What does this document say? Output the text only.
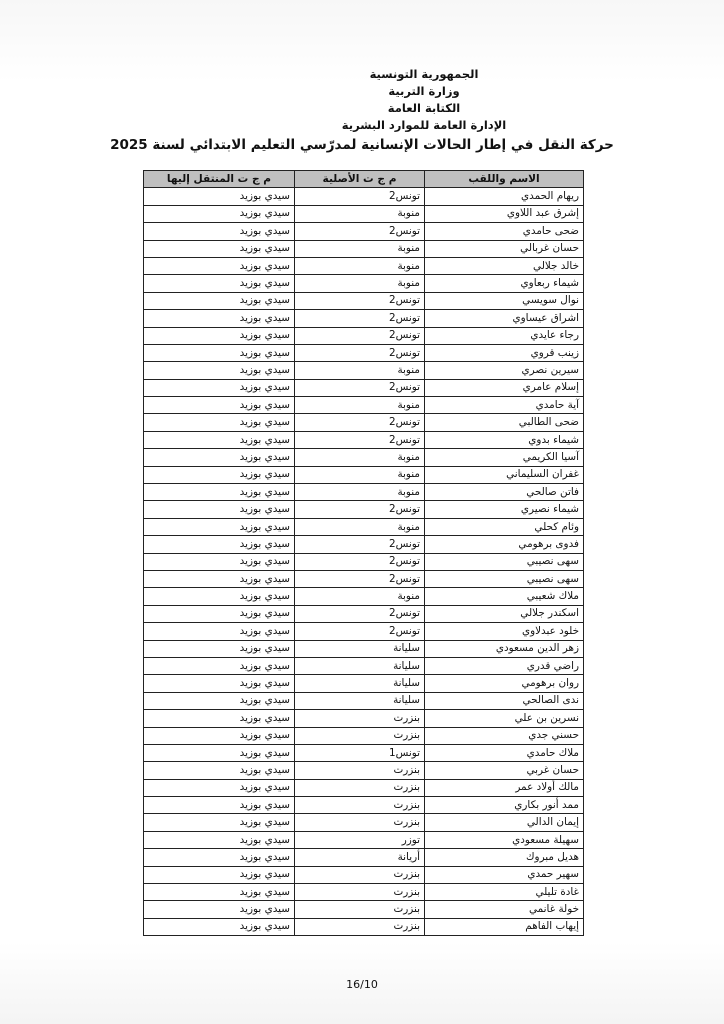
الجمهورية التونسية
وزارة التربية
الكتابة العامة
الإدارة العامة للموارد البشرية
حركة النقل في إطار الحالات الإنسانية لمدرّسي التعليم الابتدائي لسنة 2025
الاسم واللقب	م ج ت الأصلية	م ج ت المنتقل إليها
ريهام الحمدي	تونس2	سيدي بوزيد
إشرق عبد اللاوي	منوبة	سيدي بوزيد
ضحى حامدي	تونس2	سيدي بوزيد
حسان غربالي	منوبة	سيدي بوزيد
خالد جلالي	منوبة	سيدي بوزيد
شيماء ربعاوي	منوبة	سيدي بوزيد
نوال سويسي	تونس2	سيدي بوزيد
اشراق عيساوي	تونس2	سيدي بوزيد
رجاء عايدي	تونس2	سيدي بوزيد
زينب قروي	تونس2	سيدي بوزيد
سيرين نصري	منوبة	سيدي بوزيد
إسلام عامري	تونس2	سيدي بوزيد
آية حامدي	منوبة	سيدي بوزيد
ضحى الطالبي	تونس2	سيدي بوزيد
شيماء بدوي	تونس2	سيدي بوزيد
آسيا الكريمي	منوبة	سيدي بوزيد
غفران السليماني	منوبة	سيدي بوزيد
فاتن صالحي	منوبة	سيدي بوزيد
شيماء نصيري	تونس2	سيدي بوزيد
وئام كحلي	منوبة	سيدي بوزيد
فدوى برهومي	تونس2	سيدي بوزيد
سهى نصيبي	تونس2	سيدي بوزيد
سهى نصيبي	تونس2	سيدي بوزيد
ملاك شعيبي	منوبة	سيدي بوزيد
اسكندر جلالي	تونس2	سيدي بوزيد
خلود عبدلاوي	تونس2	سيدي بوزيد
زهر الدين مسعودي	سليانة	سيدي بوزيد
راضي قدري	سليانة	سيدي بوزيد
روان برهومي	سليانة	سيدي بوزيد
ندى الصالحي	سليانة	سيدي بوزيد
نسرين بن علي	بنزرت	سيدي بوزيد
حسني جدي	بنزرت	سيدي بوزيد
ملاك حامدي	تونس1	سيدي بوزيد
حسان غربي	بنزرت	سيدي بوزيد
مالك أولاد عمر	بنزرت	سيدي بوزيد
ممد أنور بكاري	بنزرت	سيدي بوزيد
إيمان الدالي	بنزرت	سيدي بوزيد
سهيلة مسعودي	توزر	سيدي بوزيد
هديل مبروك	أريانة	سيدي بوزيد
سهير حمدي	بنزرت	سيدي بوزيد
غادة تليلي	بنزرت	سيدي بوزيد
خولة غانمي	بنزرت	سيدي بوزيد
إيهاب الفاهم	بنزرت	سيدي بوزيد
16/10
